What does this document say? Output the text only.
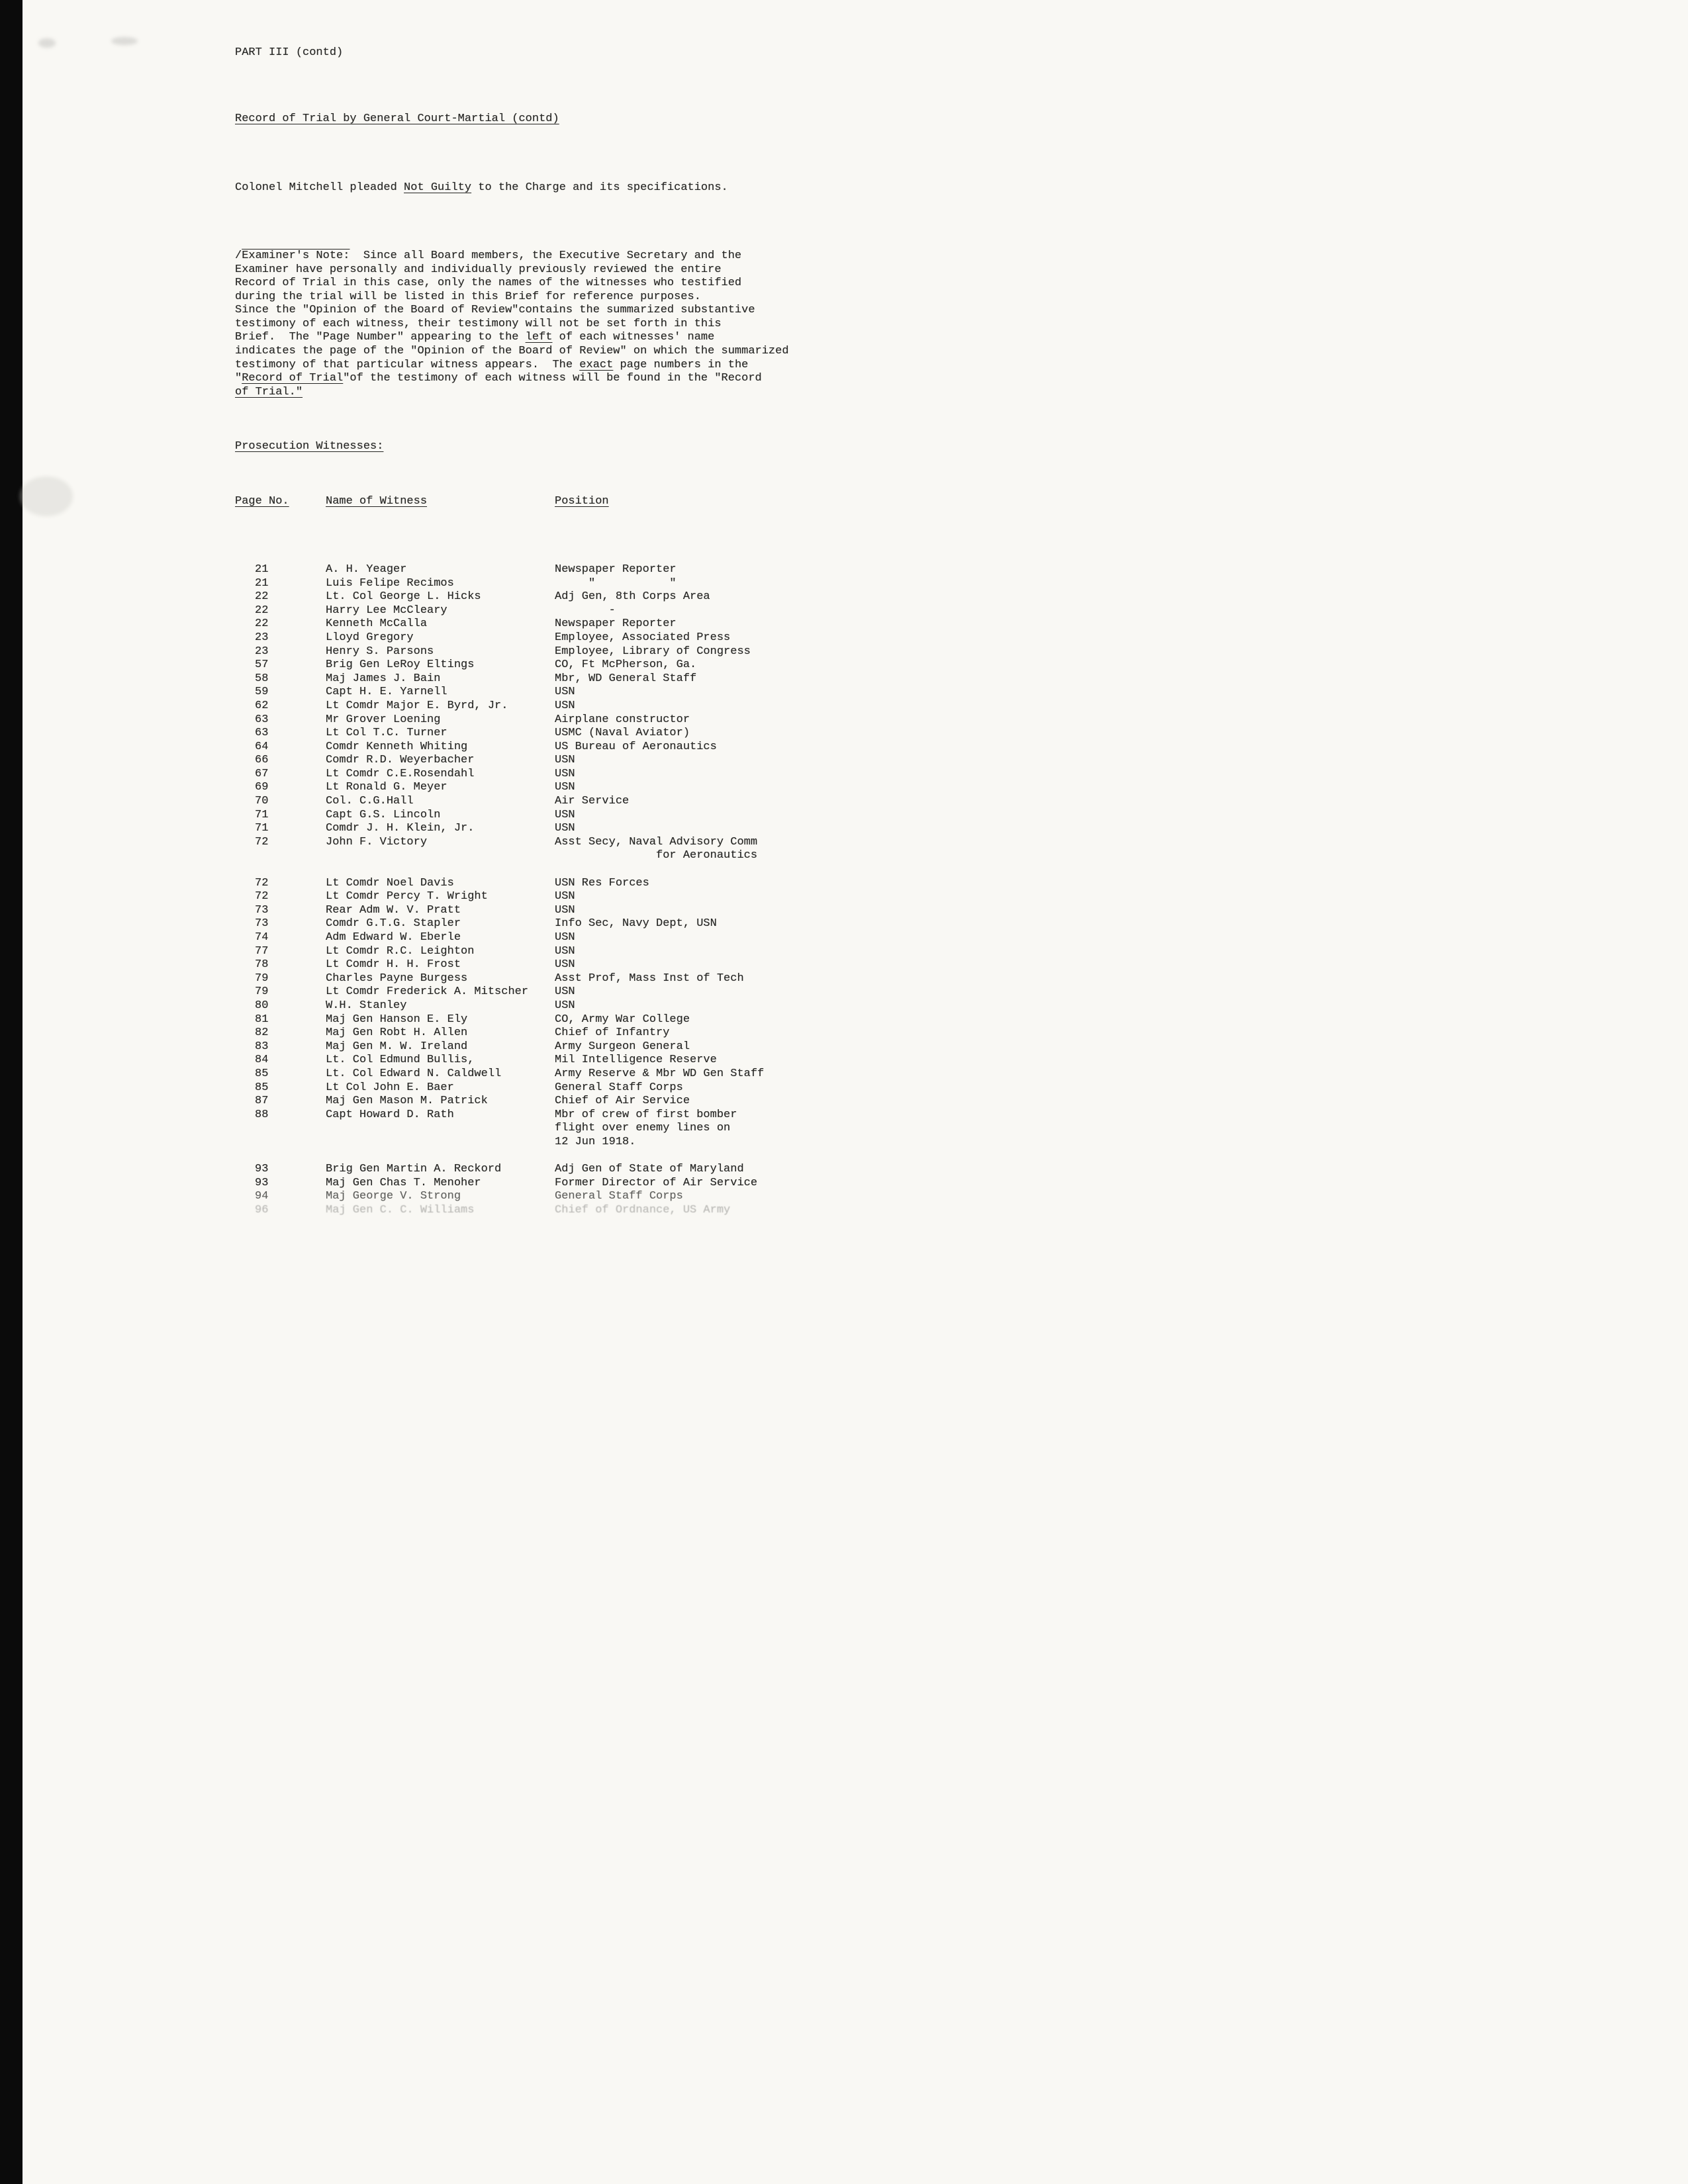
PART III (contd)

Record of Trial by General Court-Martial (contd)

Colonel Mitchell pleaded Not Guilty to the Charge and its specifications.

/Examiner's Note:  Since all Board members, the Executive Secretary and the
Examiner have personally and individually previously reviewed the entire
Record of Trial in this case, only the names of the witnesses who testified
during the trial will be listed in this Brief for reference purposes.
Since the "Opinion of the Board of Review"contains the summarized substantive
testimony of each witness, their testimony will not be set forth in this
Brief.  The "Page Number" appearing to the left of each witnesses' name
indicates the page of the "Opinion of the Board of Review" on which the summarized
testimony of that particular witness appears.  The exact page numbers in the
"Record of Trial"of the testimony of each witness will be found in the "Record
of Trial."

Prosecution Witnesses:

Page No.	Name of Witness	Position

21	A. H. Yeager	Newspaper Reporter
21	Luis Felipe Recimos	"           "
22	Lt. Col George L. Hicks	Adj Gen, 8th Corps Area
22	Harry Lee McCleary	-
22	Kenneth McCalla	Newspaper Reporter
23	Lloyd Gregory	Employee, Associated Press
23	Henry S. Parsons	Employee, Library of Congress
57	Brig Gen LeRoy Eltings	CO, Ft McPherson, Ga.
58	Maj James J. Bain	Mbr, WD General Staff
59	Capt H. E. Yarnell	USN
62	Lt Comdr Major E. Byrd, Jr.	USN
63	Mr Grover Loening	Airplane constructor
63	Lt Col T.C. Turner	USMC (Naval Aviator)
64	Comdr Kenneth Whiting	US Bureau of Aeronautics
66	Comdr R.D. Weyerbacher	USN
67	Lt Comdr C.E.Rosendahl	USN
69	Lt Ronald G. Meyer	USN
70	Col. C.G.Hall	Air Service
71	Capt G.S. Lincoln	USN
71	Comdr J. H. Klein, Jr.	USN
72	John F. Victory	Asst Secy, Naval Advisory Comm
for Aeronautics
72	Lt Comdr Noel Davis	USN Res Forces
72	Lt Comdr Percy T. Wright	USN
73	Rear Adm W. V. Pratt	USN
73	Comdr G.T.G. Stapler	Info Sec, Navy Dept, USN
74	Adm Edward W. Eberle	USN
77	Lt Comdr R.C. Leighton	USN
78	Lt Comdr H. H. Frost	USN
79	Charles Payne Burgess	Asst Prof, Mass Inst of Tech
79	Lt Comdr Frederick A. Mitscher	USN
80	W.H. Stanley	USN
81	Maj Gen Hanson E. Ely	CO, Army War College
82	Maj Gen Robt H. Allen	Chief of Infantry
83	Maj Gen M. W. Ireland	Army Surgeon General
84	Lt. Col Edmund Bullis,	Mil Intelligence Reserve
85	Lt. Col Edward N. Caldwell	Army Reserve & Mbr WD Gen Staff
85	Lt Col John E. Baer	General Staff Corps
87	Maj Gen Mason M. Patrick	Chief of Air Service
88	Capt Howard D. Rath	Mbr of crew of first bomber
flight over enemy lines on
12 Jun 1918.
93	Brig Gen Martin A. Reckord	Adj Gen of State of Maryland
93	Maj Gen Chas T. Menoher	Former Director of Air Service
94	Maj George V. Strong	General Staff Corps
96	Maj Gen C. C. Williams	Chief of Ordnance, US Army
